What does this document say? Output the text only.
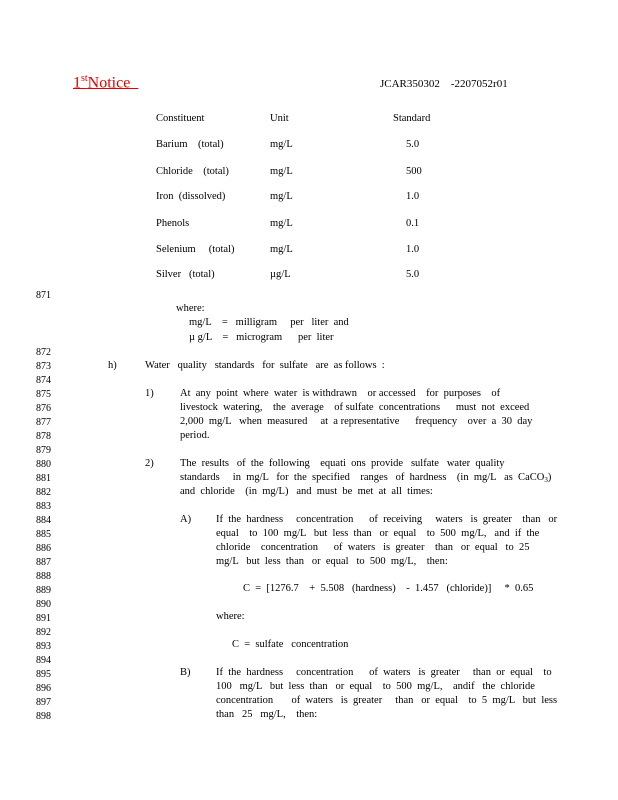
1stNotice	JCAR350302    -2207052r01
Constituent	Unit	Standard
Barium    (total)	mg/L	5.0
Chloride    (total)	mg/L	500
Iron  (dissolved)	mg/L	1.0
Phenols	mg/L	0.1
Selenium     (total)	mg/L	1.0
Silver   (total)	µg/L	5.0
871
872
873
874
875
876
877
878
879
880
881
882
883
884
885
886
887
888
889
890
891
892
893
894
895
896
897
898
where:
mg/L    =   milligram     per   liter  and
µ g/L    =   microgram      per  liter
h)	Water   quality   standards   for  sulfate   are  as follows  :
1)	At  any  point  where  water  is withdrawn    or accessed    for  purposes    of
livestock  watering,    the  average    of sulfate  concentrations      must  not  exceed
2,000  mg/L   when  measured     at  a representative      frequency    over  a  30  day
period.
2)	The  results   of  the  following    equati  ons  provide   sulfate   water  quality
standards     in  mg/L   for  the  specified    ranges   of  hardness    (in  mg/L   as  CaCO3)
and  chloride    (in  mg/L)   and  must  be  met  at  all  times:
A) If  the  hardness     concentration      of  receiving     waters   is  greater    than   or
equal    to  100  mg/L   but  less  than   or  equal    to  500  mg/L,   and  if  the
chloride    concentration      of  waters   is  greater    than   or  equal   to  25
mg/L   but  less  than   or  equal   to  500  mg/L,    then:
C  =  [1276.7    +  5.508   (hardness)    -  1.457   (chloride)]     *  0.65
where:
C  =  sulfate   concentration
B) If  the  hardness     concentration      of  waters   is  greater     than  or  equal    to
100   mg/L   but  less  than   or  equal    to  500  mg/L,    andif   the  chloride
concentration       of  waters   is  greater     than   or  equal    to  5  mg/L   but  less
than   25   mg/L,    then:
